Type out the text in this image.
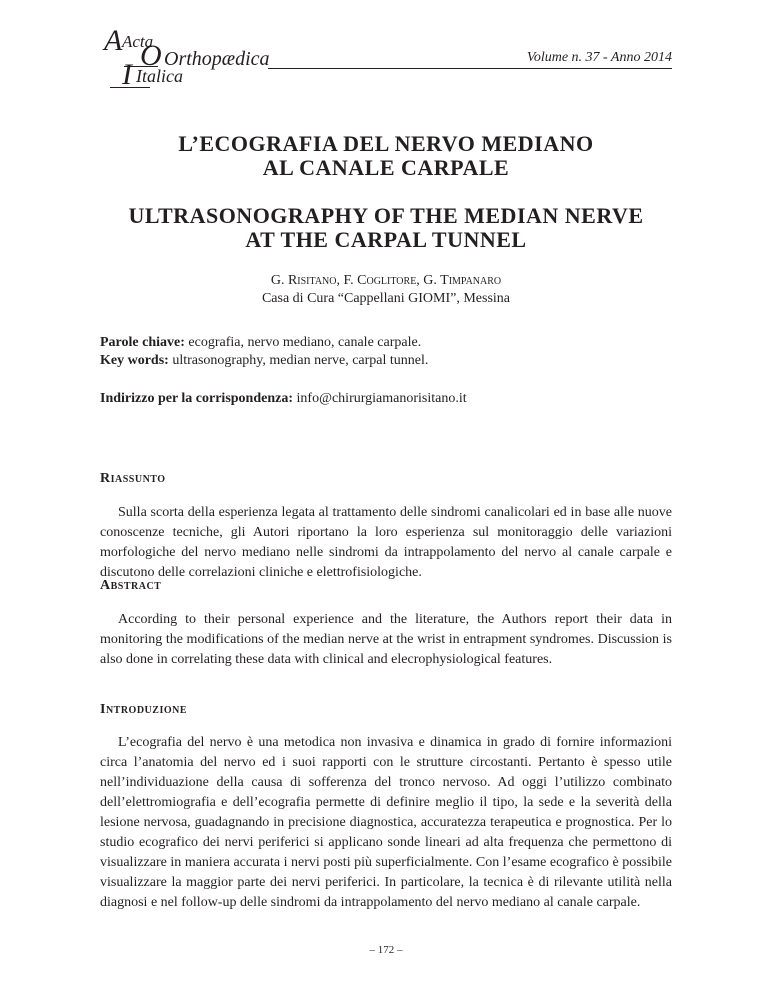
A O
I
Acta
Orthopædica
Italica
Volume n. 37 - Anno 2014
L’ECOGRAFIA DEL NERVO MEDIANO
AL CANALE CARPALE
ULTRASONOGRAPHY OF THE MEDIAN NERVE
AT THE CARPAL TUNNEL
G. Risitano, F. Coglitore, G. Timpanaro
Casa di Cura “Cappellani GIOMI”, Messina
Parole chiave: ecografia, nervo mediano, canale carpale.
Key words: ultrasonography, median nerve, carpal tunnel.
Indirizzo per la corrispondenza: info@chirurgiamanorisitano.it
Riassunto
Sulla scorta della esperienza legata al trattamento delle sindromi canalicolari ed in base alle nuove conoscenze tecniche, gli Autori riportano la loro esperienza sul monitoraggio delle variazioni morfologiche del nervo mediano nelle sindromi da intrappolamento del nervo al canale carpale e discutono delle correlazioni cliniche e elettrofisiologiche.
Abstract
According to their personal experience and the literature, the Authors report their data in monitoring the modifications of the median nerve at the wrist in entrapment syndromes. Discussion is also done in correlating these data with clinical and elecrophysiological features.
Introduzione
L’ecografia del nervo è una metodica non invasiva e dinamica in grado di fornire informazioni circa l’anatomia del nervo ed i suoi rapporti con le strutture circostanti. Pertanto è spesso utile nell’individuazione della causa di sofferenza del tronco nervoso. Ad oggi l’utilizzo combinato dell’elettromiografia e dell’ecografia permette di definire meglio il tipo, la sede e la severità della lesione nervosa, guadagnando in precisione diagnostica, accuratezza terapeutica e prognostica. Per lo studio ecografico dei nervi periferici si applicano sonde lineari ad alta frequenza che permettono di visualizzare in maniera accurata i nervi posti più superficialmente. Con l’esame ecografico è possibile visualizzare la maggior parte dei nervi periferici. In particolare, la tecnica è di rilevante utilità nella diagnosi e nel follow-up delle sindromi da intrappolamento del nervo mediano al canale carpale.
– 172 –
